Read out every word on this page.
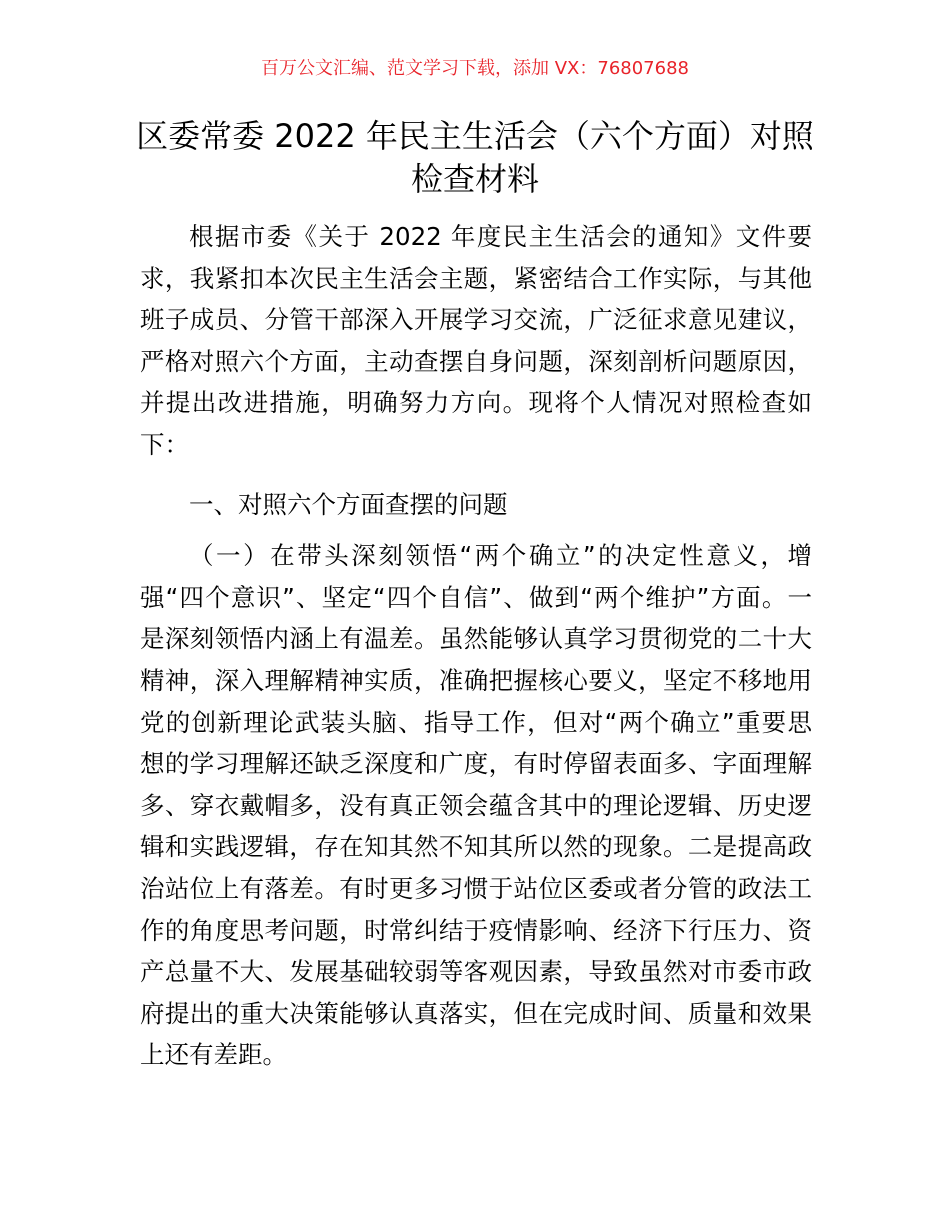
百万公文汇编、范文学习下载，添加 VX：76807688
区委常委 2022 年民主生活会（六个方面）对照
检查材料
根据市委《关于 2022 年度民主生活会的通知》文件要
求，我紧扣本次民主生活会主题，紧密结合工作实际，与其他
班子成员、分管干部深入开展学习交流，广泛征求意见建议，
严格对照六个方面，主动查摆自身问题，深刻剖析问题原因，
并提出改进措施，明确努力方向。现将个人情况对照检查如
下：
一、对照六个方面查摆的问题
（一）在带头深刻领悟“两个确立”的决定性意义，增
强“四个意识”、坚定“四个自信”、做到“两个维护”方面。一
是深刻领悟内涵上有温差。虽然能够认真学习贯彻党的二十大
精神，深入理解精神实质，准确把握核心要义，坚定不移地用
党的创新理论武装头脑、指导工作，但对“两个确立”重要思
想的学习理解还缺乏深度和广度，有时停留表面多、字面理解
多、穿衣戴帽多，没有真正领会蕴含其中的理论逻辑、历史逻
辑和实践逻辑，存在知其然不知其所以然的现象。二是提高政
治站位上有落差。有时更多习惯于站位区委或者分管的政法工
作的角度思考问题，时常纠结于疫情影响、经济下行压力、资
产总量不大、发展基础较弱等客观因素，导致虽然对市委市政
府提出的重大决策能够认真落实，但在完成时间、质量和效果
上还有差距。
